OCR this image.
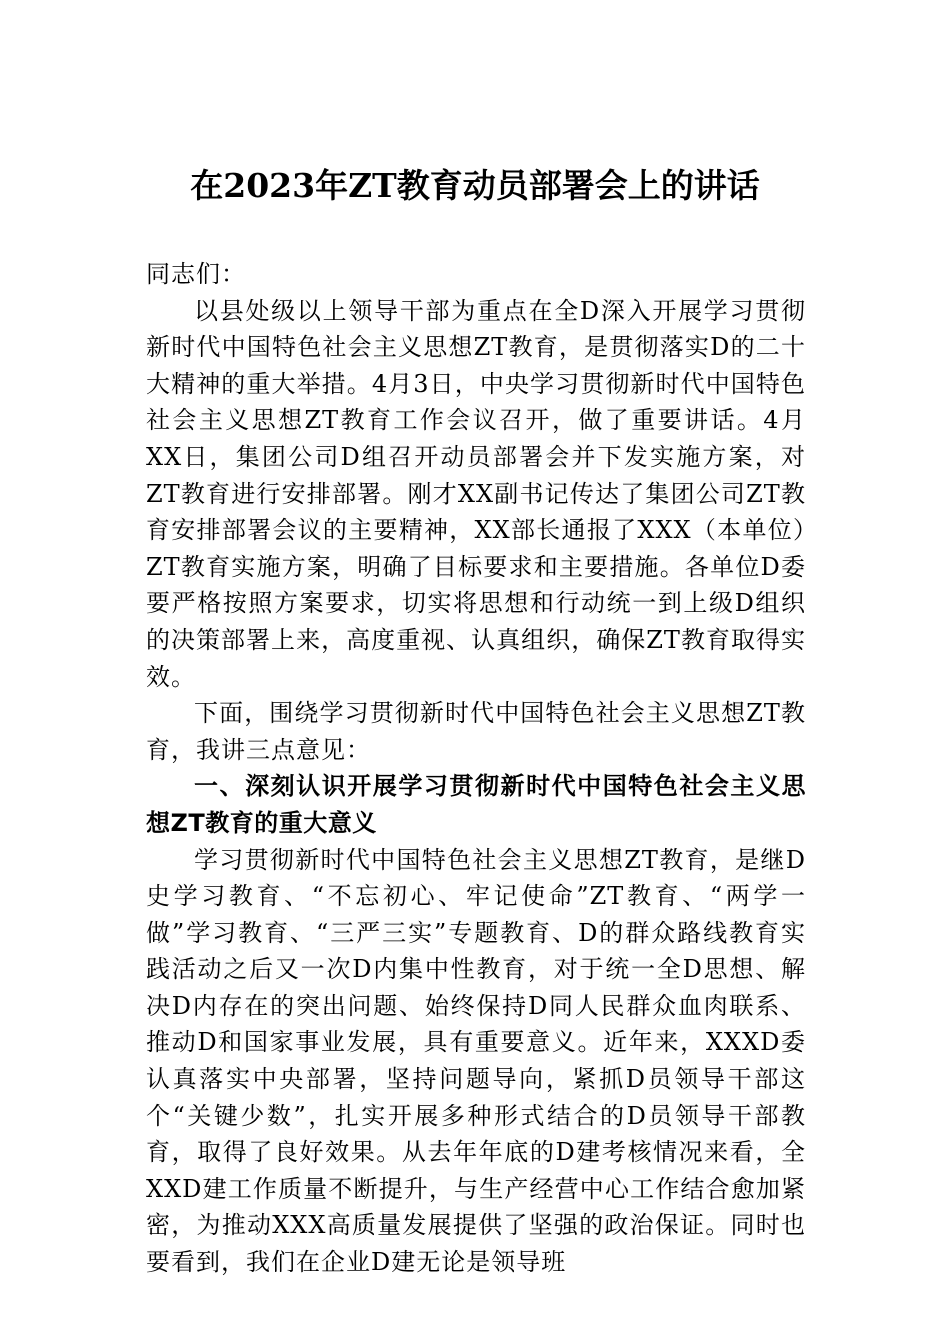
在2023年ZT教育动员部署会上的讲话

同志们：

以县处级以上领导干部为重点在全D深入开展学习贯彻新时代中国特色社会主义思想ZT教育，是贯彻落实D的二十大精神的重大举措。4月3日，中央学习贯彻新时代中国特色社会主义思想ZT教育工作会议召开，做了重要讲话。4月XX日，集团公司D组召开动员部署会并下发实施方案，对ZT教育进行安排部署。刚才XX副书记传达了集团公司ZT教育安排部署会议的主要精神，XX部长通报了XXX（本单位）ZT教育实施方案，明确了目标要求和主要措施。各单位D委要严格按照方案要求，切实将思想和行动统一到上级D组织的决策部署上来，高度重视、认真组织，确保ZT教育取得实效。

下面，围绕学习贯彻新时代中国特色社会主义思想ZT教育，我讲三点意见：

一、深刻认识开展学习贯彻新时代中国特色社会主义思想ZT教育的重大意义

学习贯彻新时代中国特色社会主义思想ZT教育，是继D史学习教育、“不忘初心、牢记使命”ZT教育、“两学一做”学习教育、“三严三实”专题教育、D的群众路线教育实践活动之后又一次D内集中性教育，对于统一全D思想、解决D内存在的突出问题、始终保持D同人民群众血肉联系、推动D和国家事业发展，具有重要意义。近年来，XXXD委认真落实中央部署，坚持问题导向，紧抓D员领导干部这个“关键少数”，扎实开展多种形式结合的D员领导干部教育，取得了良好效果。从去年年底的D建考核情况来看，全XXD建工作质量不断提升，与生产经营中心工作结合愈加紧密，为推动XXX高质量发展提供了坚强的政治保证。同时也要看到，我们在企业D建无论是领导班
